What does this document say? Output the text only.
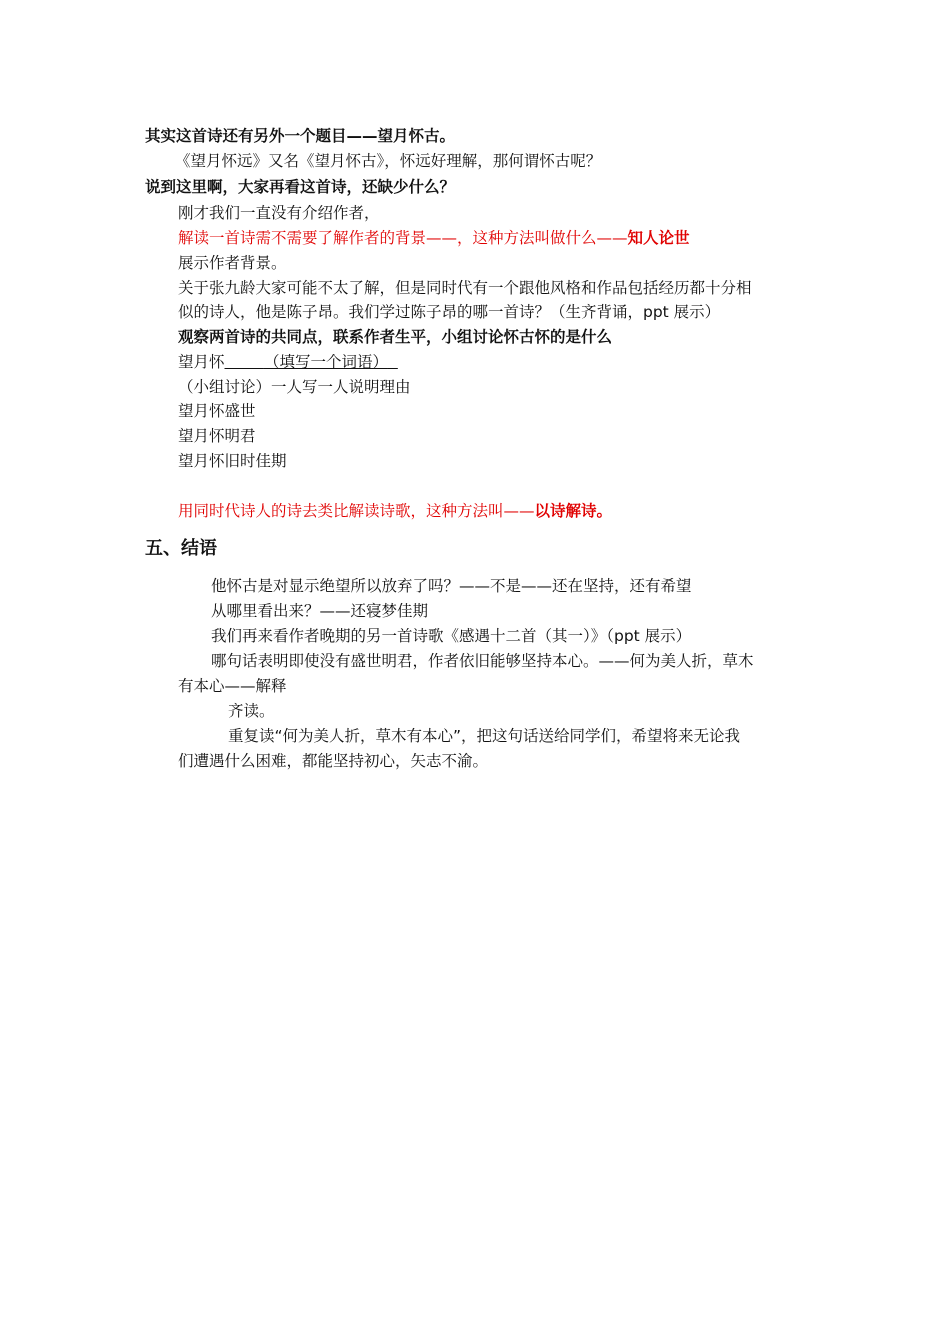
其实这首诗还有另外一个题目——望月怀古。
《望月怀远》又名《望月怀古》，怀远好理解，那何谓怀古呢？
说到这里啊，大家再看这首诗，还缺少什么？
刚才我们一直没有介绍作者，
解读一首诗需不需要了解作者的背景——，这种方法叫做什么——知人论世
展示作者背景。
关于张九龄大家可能不太了解，但是同时代有一个跟他风格和作品包括经历都十分相
似的诗人，他是陈子昂。我们学过陈子昂的哪一首诗？（生齐背诵，ppt 展示）
观察两首诗的共同点，联系作者生平，小组讨论怀古怀的是什么
望月怀	（填写一个词语）
（小组讨论）一人写一人说明理由
望月怀盛世
望月怀明君
望月怀旧时佳期
用同时代诗人的诗去类比解读诗歌，这种方法叫——以诗解诗。
五、结语
他怀古是对显示绝望所以放弃了吗？——不是——还在坚持，还有希望
从哪里看出来？——还寝梦佳期
我们再来看作者晚期的另一首诗歌《感遇十二首（其一）》（ppt 展示）
哪句话表明即使没有盛世明君，作者依旧能够坚持本心。——何为美人折，草木
有本心——解释
齐读。
重复读“何为美人折，草木有本心”，把这句话送给同学们，希望将来无论我
们遭遇什么困难，都能坚持初心，矢志不渝。
